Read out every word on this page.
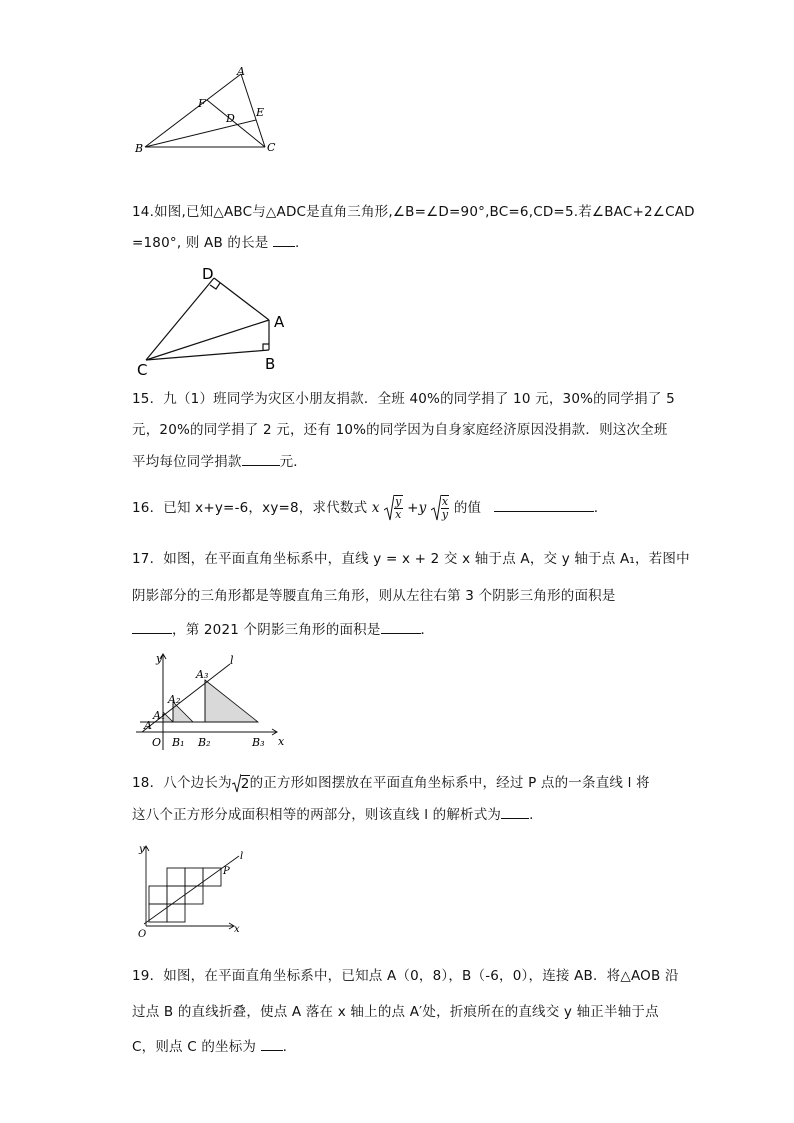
A
B	C
D E
F
14.如图,已知△ABC与△ADC是直角三角形,∠B=∠D=90°,BC=6,CD=5.若∠BAC+2∠CAD
=180°, 则 AB 的长是 .
D
A
C	B
15．九（1）班同学为灾区小朋友捐款．全班 40%的同学捐了 10 元，30%的同学捐了 5
元，20%的同学捐了 2 元，还有 10%的同学因为自身家庭经济原因没捐款．则这次全班
平均每位同学捐款	元．
16．已知 x+y=-6，xy=8，求代数式 x $\frac{y}{x} +y \frac{x}{y}$ 的值	.
17．如图，在平面直角坐标系中，直线 y = x + 2 交 x 轴于点 A，交 y 轴于点 A₁，若图中
阴影部分的三角形都是等腰直角三角形，则从左往右第 3 个阴影三角形的面积是
，第 2021 个阴影三角形的面积是	．
y	l
A₃
A₂
A₁
A
O B₁ B₂	B₃ x
18．八个边长为 2 的正方形如图摆放在平面直角坐标系中，经过 P 点的一条直线 l 将
这八个正方形分成面积相等的两部分，则该直线 l 的解析式为 .
y
l
P
O	x
19．如图，在平面直角坐标系中，已知点 A（0，8），B（-6，0），连接 AB．将△AOB 沿
过点 B 的直线折叠，使点 A 落在 x 轴上的点 A′处，折痕所在的直线交 y 轴正半轴于点
C，则点 C 的坐标为 .
